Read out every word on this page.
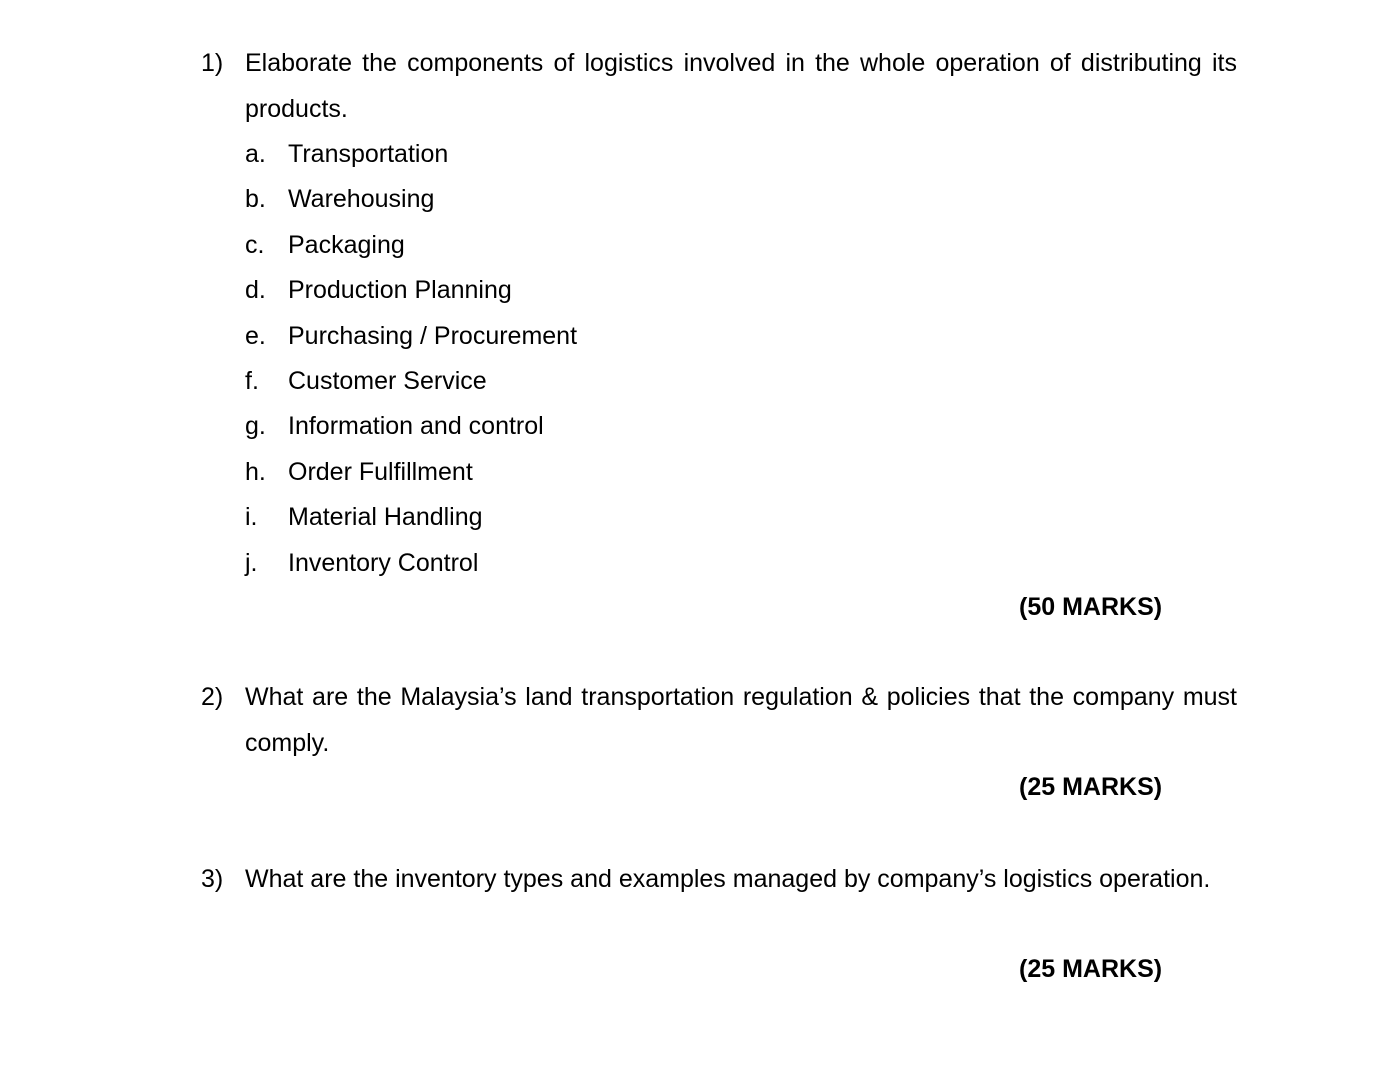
1) Elaborate the components of logistics involved in the whole operation of distributing its products.
a. Transportation
b. Warehousing
c. Packaging
d. Production Planning
e. Purchasing / Procurement
f. Customer Service
g. Information and control
h. Order Fulfillment
i. Material Handling
j. Inventory Control
(50 MARKS)
2) What are the Malaysia’s land transportation regulation & policies that the company must comply.
(25 MARKS)
3) What are the inventory types and examples managed by company’s logistics operation.
(25 MARKS)
